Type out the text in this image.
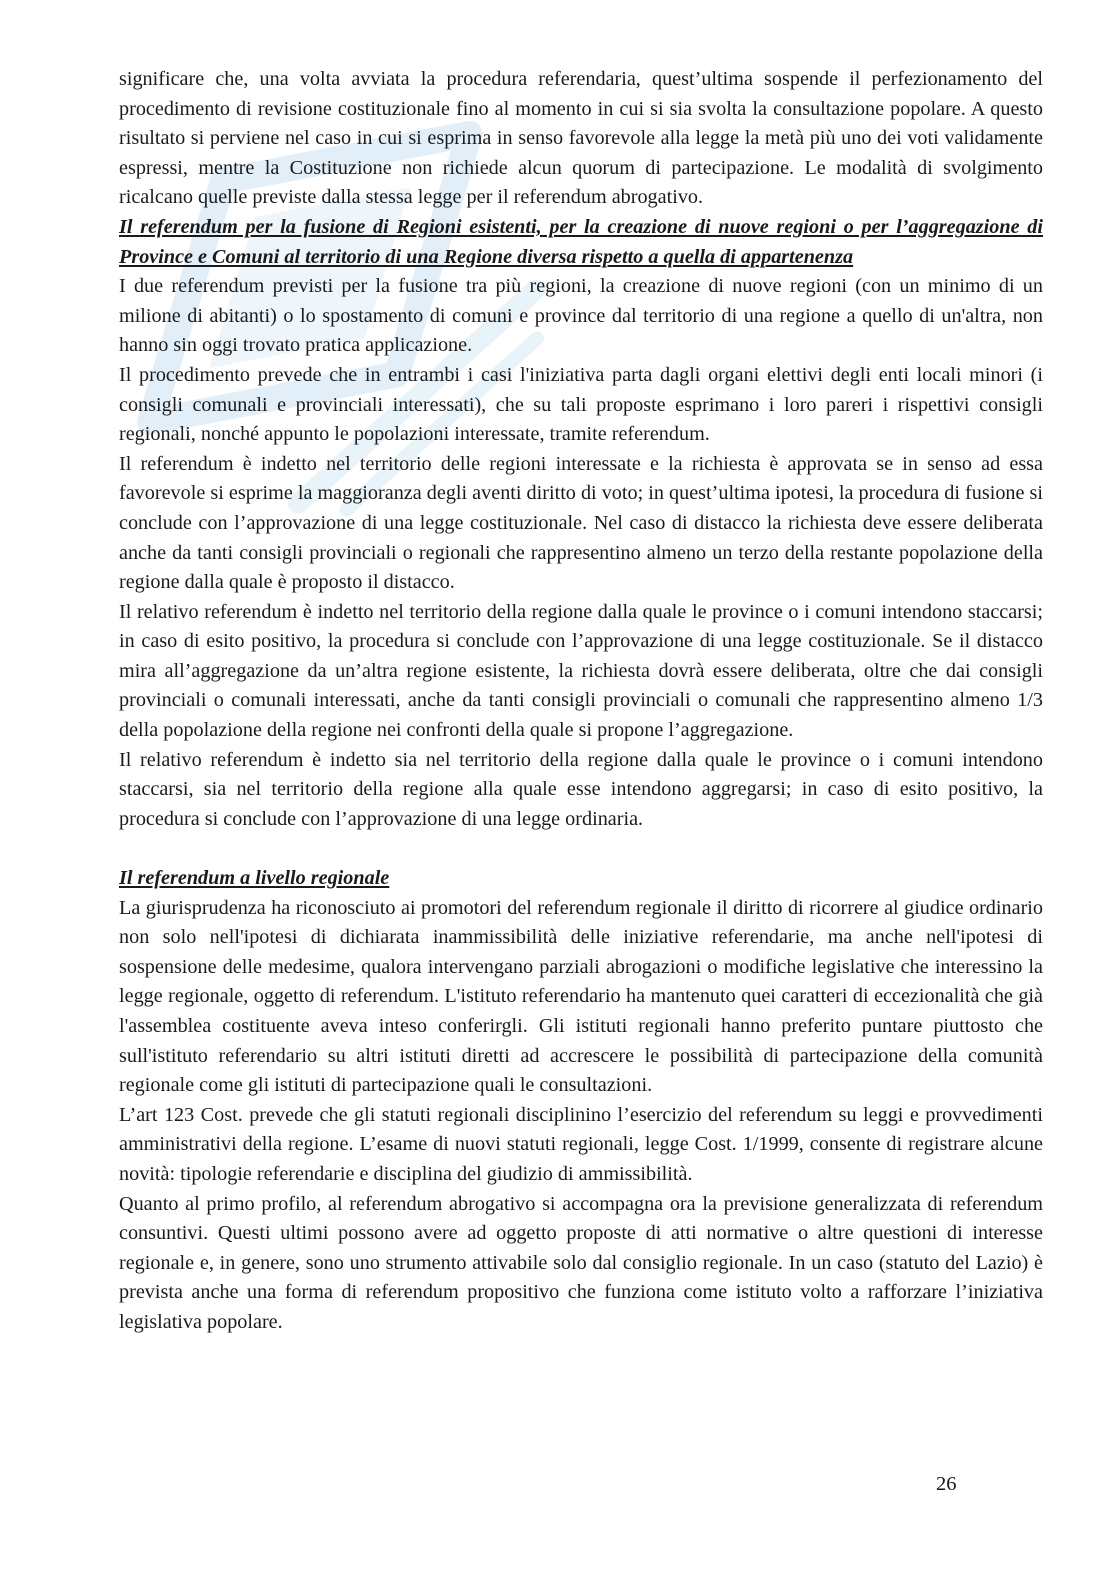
significare che, una volta avviata la procedura referendaria, quest’ultima sospende il perfezionamento del procedimento di revisione costituzionale fino al momento in cui si sia svolta la consultazione popolare. A questo risultato si perviene nel caso in cui si esprima in senso favorevole alla legge la metà più uno dei voti validamente espressi, mentre la Costituzione non richiede alcun quorum di partecipazione. Le modalità di svolgimento ricalcano quelle previste dalla stessa legge per il referendum abrogativo.

Il referendum per la fusione di Regioni esistenti, per la creazione di nuove regioni o per l’aggregazione di Province e Comuni al territorio di una Regione diversa rispetto a quella di appartenenza

I due referendum previsti per la fusione tra più regioni, la creazione di nuove regioni (con un minimo di un milione di abitanti) o lo spostamento di comuni e province dal territorio di una regione a quello di un'altra, non hanno sin oggi trovato pratica applicazione.

Il procedimento prevede che in entrambi i casi l'iniziativa parta dagli organi elettivi degli enti locali minori (i consigli comunali e provinciali interessati), che su tali proposte esprimano i loro pareri i rispettivi consigli regionali, nonché appunto le popolazioni interessate, tramite referendum.

Il referendum è indetto nel territorio delle regioni interessate e la richiesta è approvata se in senso ad essa favorevole si esprime la maggioranza degli aventi diritto di voto; in quest’ultima ipotesi, la procedura di fusione si conclude con l’approvazione di una legge costituzionale. Nel caso di distacco la richiesta deve essere deliberata anche da tanti consigli provinciali o regionali che rappresentino almeno un terzo della restante popolazione della regione dalla quale è proposto il distacco.

Il relativo referendum è indetto nel territorio della regione dalla quale le province o i comuni intendono staccarsi; in caso di esito positivo, la procedura si conclude con l’approvazione di una legge costituzionale. Se il distacco mira all’aggregazione da un’altra regione esistente, la richiesta dovrà essere deliberata, oltre che dai consigli provinciali o comunali interessati, anche da tanti consigli provinciali o comunali che rappresentino almeno 1/3 della popolazione della regione nei confronti della quale si propone l’aggregazione.

Il relativo referendum è indetto sia nel territorio della regione dalla quale le province o i comuni intendono staccarsi, sia nel territorio della regione alla quale esse intendono aggregarsi; in caso di esito positivo, la procedura si conclude con l’approvazione di una legge ordinaria.

Il referendum a livello regionale

La giurisprudenza ha riconosciuto ai promotori del referendum regionale il diritto di ricorrere al giudice ordinario non solo nell'ipotesi di dichiarata inammissibilità delle iniziative referendarie, ma anche nell'ipotesi di sospensione delle medesime, qualora intervengano parziali abrogazioni o modifiche legislative che interessino la legge regionale, oggetto di referendum. L'istituto referendario ha mantenuto quei caratteri di eccezionalità che già l'assemblea costituente aveva inteso conferirgli. Gli istituti regionali hanno preferito puntare piuttosto che sull'istituto referendario su altri istituti diretti ad accrescere le possibilità di partecipazione della comunità regionale come gli istituti di partecipazione quali le consultazioni.

L’art 123 Cost. prevede che gli statuti regionali disciplinino l’esercizio del referendum su leggi e provvedimenti amministrativi della regione. L’esame di nuovi statuti regionali, legge Cost. 1/1999, consente di registrare alcune novità: tipologie referendarie e disciplina del giudizio di ammissibilità.

Quanto al primo profilo, al referendum abrogativo si accompagna ora la previsione generalizzata di referendum consuntivi. Questi ultimi possono avere ad oggetto proposte di atti normative o altre questioni di interesse regionale e, in genere, sono uno strumento attivabile solo dal consiglio regionale. In un caso (statuto del Lazio) è prevista anche una forma di referendum propositivo che funziona come istituto volto a rafforzare l’iniziativa legislativa popolare.

26
